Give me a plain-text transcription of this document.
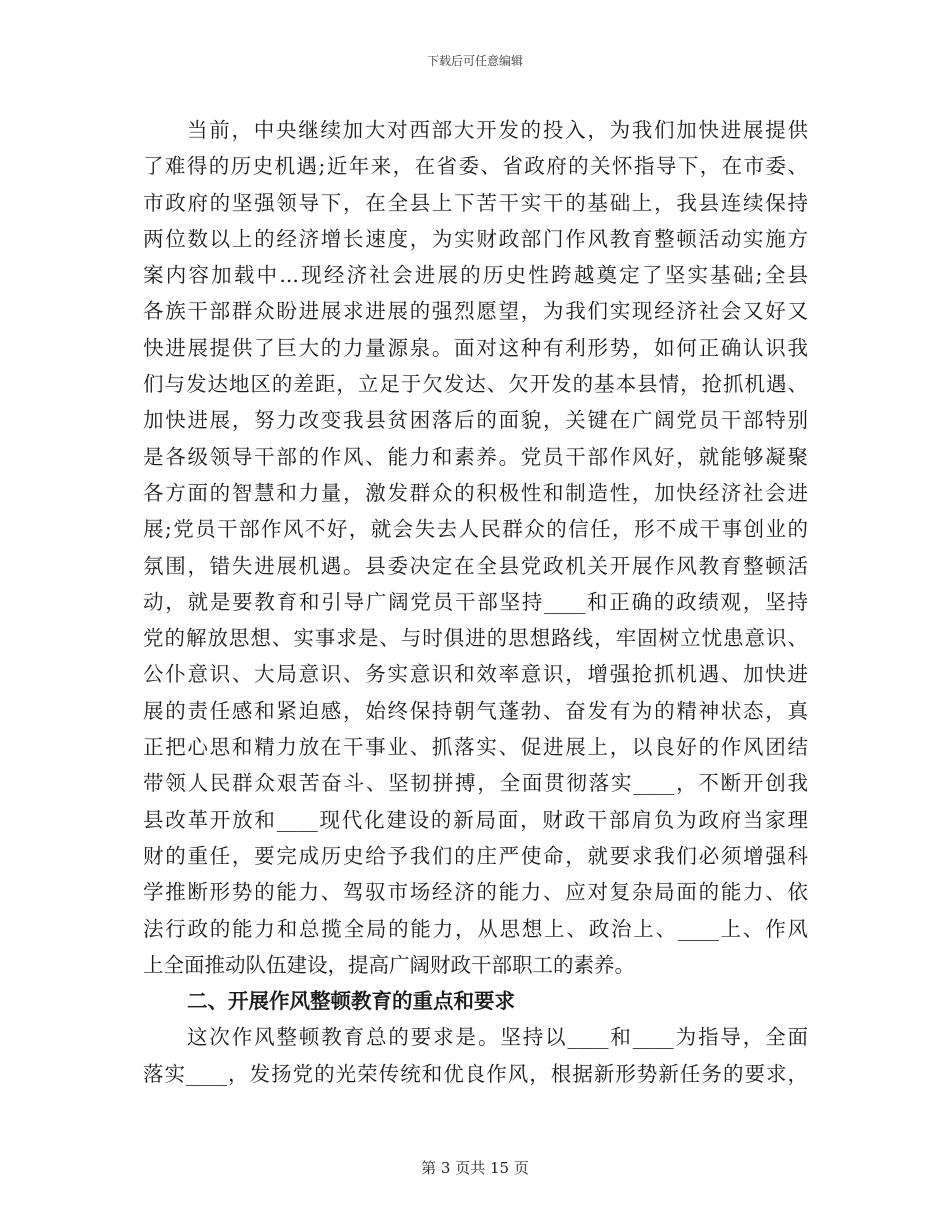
下载后可任意编辑
当前，中央继续加大对西部大开发的投入，为我们加快进展提供
了难得的历史机遇;近年来，在省委、省政府的关怀指导下，在市委、
市政府的坚强领导下，在全县上下苦干实干的基础上，我县连续保持
两位数以上的经济增长速度，为实财政部门作风教育整顿活动实施方
案内容加载中...现经济社会进展的历史性跨越奠定了坚实基础;全县
各族干部群众盼进展求进展的强烈愿望，为我们实现经济社会又好又
快进展提供了巨大的力量源泉。面对这种有利形势，如何正确认识我
们与发达地区的差距，立足于欠发达、欠开发的基本县情，抢抓机遇、
加快进展，努力改变我县贫困落后的面貌，关键在广阔党员干部特别
是各级领导干部的作风、能力和素养。党员干部作风好，就能够凝聚
各方面的智慧和力量，激发群众的积极性和制造性，加快经济社会进
展;党员干部作风不好，就会失去人民群众的信任，形不成干事创业的
氛围，错失进展机遇。县委决定在全县党政机关开展作风教育整顿活
动，就是要教育和引导广阔党员干部坚持____和正确的政绩观，坚持
党的解放思想、实事求是、与时俱进的思想路线，牢固树立忧患意识、
公仆意识、大局意识、务实意识和效率意识，增强抢抓机遇、加快进
展的责任感和紧迫感，始终保持朝气蓬勃、奋发有为的精神状态，真
正把心思和精力放在干事业、抓落实、促进展上，以良好的作风团结
带领人民群众艰苦奋斗、坚韧拼搏，全面贯彻落实____，不断开创我
县改革开放和____现代化建设的新局面，财政干部肩负为政府当家理
财的重任，要完成历史给予我们的庄严使命，就要求我们必须增强科
学推断形势的能力、驾驭市场经济的能力、应对复杂局面的能力、依
法行政的能力和总揽全局的能力，从思想上、政治上、____上、作风
上全面推动队伍建设，提高广阔财政干部职工的素养。
二、开展作风整顿教育的重点和要求
这次作风整顿教育总的要求是。坚持以____和____为指导，全面
落实____，发扬党的光荣传统和优良作风，根据新形势新任务的要求，
第 3 页共 15 页
